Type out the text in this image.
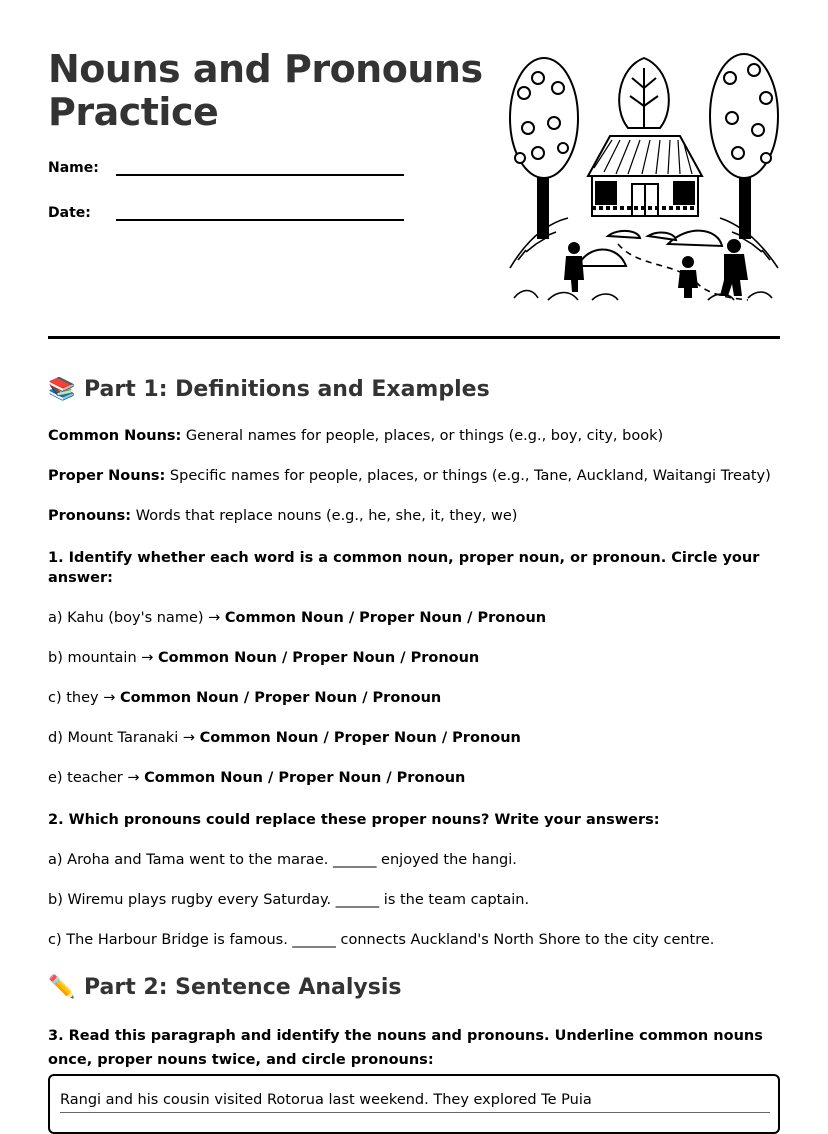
Nouns and Pronouns Practice
Name:
Date:
📚 Part 1: Definitions and Examples

Common Nouns: General names for people, places, or things (e.g., boy, city, book)

Proper Nouns: Specific names for people, places, or things (e.g., Tane, Auckland, Waitangi Treaty)

Pronouns: Words that replace nouns (e.g., he, she, it, they, we)

1. Identify whether each word is a common noun, proper noun, or pronoun. Circle your answer:

a) Kahu (boy's name) → Common Noun / Proper Noun / Pronoun

b) mountain → Common Noun / Proper Noun / Pronoun

c) they → Common Noun / Proper Noun / Pronoun

d) Mount Taranaki → Common Noun / Proper Noun / Pronoun

e) teacher → Common Noun / Proper Noun / Pronoun

2. Which pronouns could replace these proper nouns? Write your answers:

a) Aroha and Tama went to the marae. ______ enjoyed the hangi.

b) Wiremu plays rugby every Saturday. ______ is the team captain.

c) The Harbour Bridge is famous. ______ connects Auckland's North Shore to the city centre.

✏️ Part 2: Sentence Analysis

3. Read this paragraph and identify the nouns and pronouns. Underline common nouns once, proper nouns twice, and circle pronouns:

Rangi and his cousin visited Rotorua last weekend. They explored Te Puia
